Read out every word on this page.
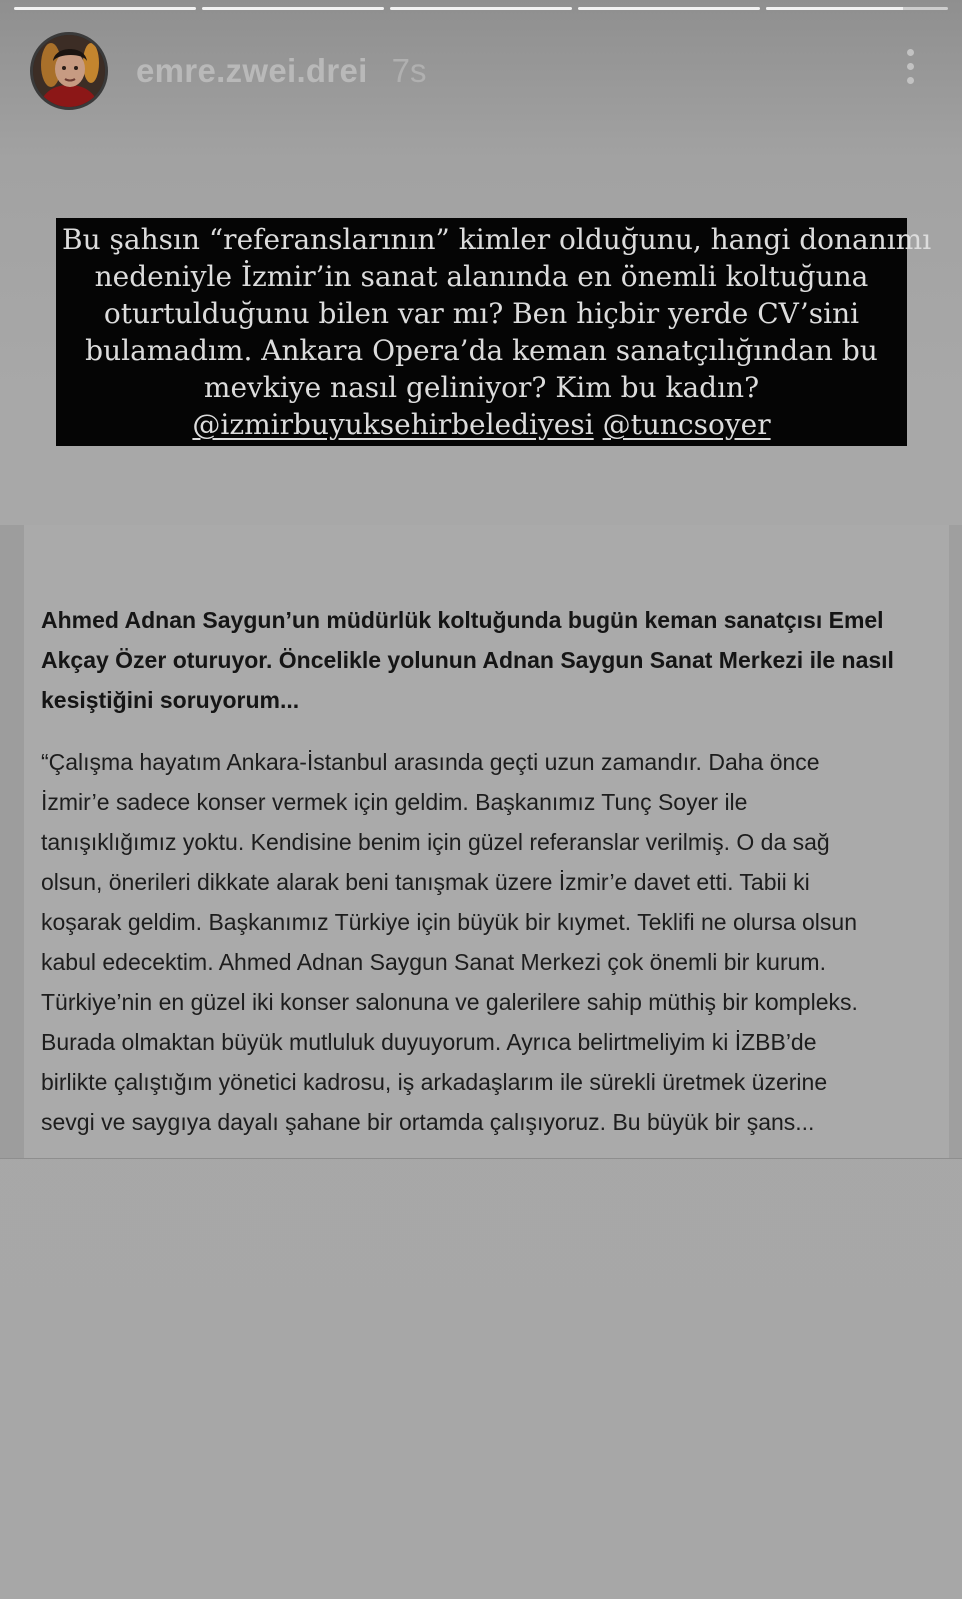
emre.zwei.drei 7s
Bu şahsın “referanslarının” kimler olduğunu, hangi donanımı
nedeniyle İzmir’in sanat alanında en önemli koltuğuna
oturtulduğunu bilen var mı? Ben hiçbir yerde CV’sini
bulamadım. Ankara Opera’da keman sanatçılığından bu
mevkiye nasıl geliniyor? Kim bu kadın?
@izmirbuyuksehirbelediyesi @tuncsoyer
Ahmed Adnan Saygun’un müdürlük koltuğunda bugün keman sanatçısı Emel
Akçay Özer oturuyor. Öncelikle yolunun Adnan Saygun Sanat Merkezi ile nasıl
kesiştiğini soruyorum...
“Çalışma hayatım Ankara-İstanbul arasında geçti uzun zamandır. Daha önce
İzmir’e sadece konser vermek için geldim. Başkanımız Tunç Soyer ile
tanışıklığımız yoktu. Kendisine benim için güzel referanslar verilmiş. O da sağ
olsun, önerileri dikkate alarak beni tanışmak üzere İzmir’e davet etti. Tabii ki
koşarak geldim. Başkanımız Türkiye için büyük bir kıymet. Teklifi ne olursa olsun
kabul edecektim. Ahmed Adnan Saygun Sanat Merkezi çok önemli bir kurum.
Türkiye’nin en güzel iki konser salonuna ve galerilere sahip müthiş bir kompleks.
Burada olmaktan büyük mutluluk duyuyorum. Ayrıca belirtmeliyim ki İZBB’de
birlikte çalıştığım yönetici kadrosu, iş arkadaşlarım ile sürekli üretmek üzerine
sevgi ve saygıya dayalı şahane bir ortamda çalışıyoruz. Bu büyük bir şans...
